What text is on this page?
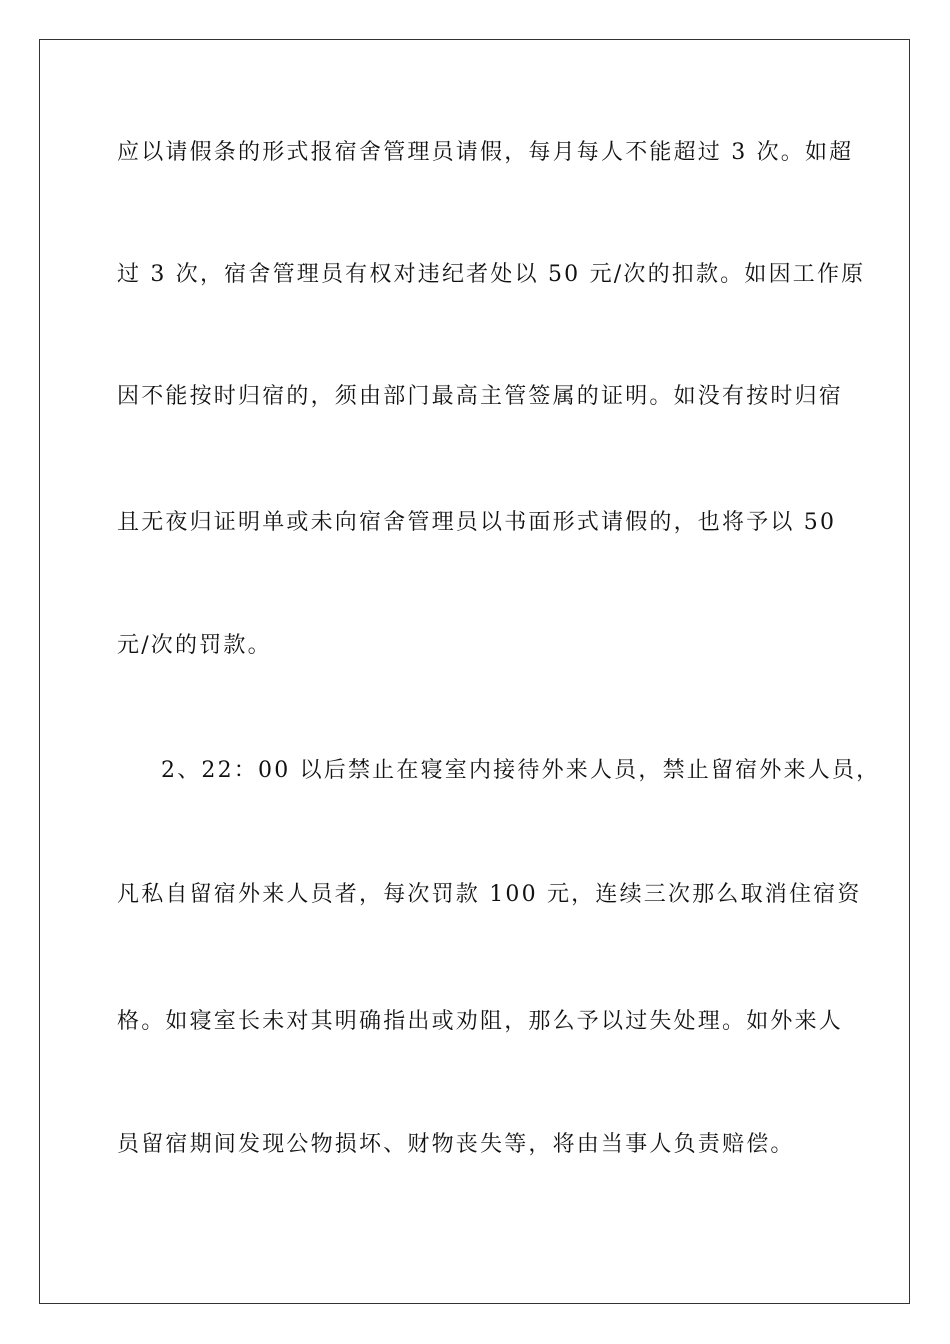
应以请假条的形式报宿舍管理员请假，每月每人不能超过 3 次。如超
过 3 次，宿舍管理员有权对违纪者处以 50 元/次的扣款。如因工作原
因不能按时归宿的，须由部门最高主管签属的证明。如没有按时归宿
且无夜归证明单或未向宿舍管理员以书面形式请假的，也将予以 50
元/次的罚款。
2、22：00 以后禁止在寝室内接待外来人员，禁止留宿外来人员，
凡私自留宿外来人员者，每次罚款 100 元，连续三次那么取消住宿资
格。如寝室长未对其明确指出或劝阻，那么予以过失处理。如外来人
员留宿期间发现公物损坏、财物丧失等，将由当事人负责赔偿。
